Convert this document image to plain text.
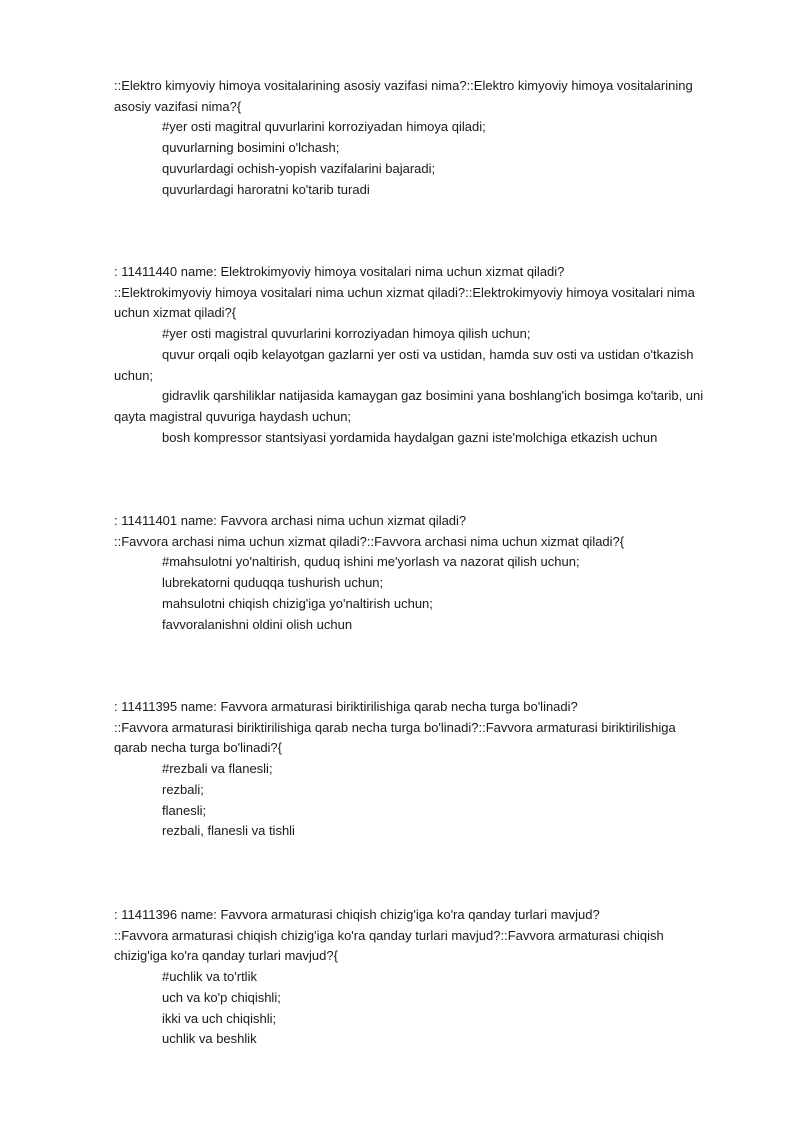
::Elektro kimyoviy himoya vositalarining asosiy vazifasi nima?::Elektro kimyoviy himoya vositalarining

asosiy vazifasi nima?{

#yer osti magitral quvurlarini korroziyadan himoya qiladi;

quvurlarning bosimini o'lchash;

quvurlardagi ochish-yopish vazifalarini bajaradi;

quvurlardagi haroratni ko'tarib turadi

: 11411440 name: Elektrokimyoviy himoya vositalari nima uchun xizmat qiladi?

::Elektrokimyoviy himoya vositalari nima uchun xizmat qiladi?::Elektrokimyoviy himoya vositalari nima

uchun xizmat qiladi?{

#yer osti magistral quvurlarini korroziyadan himoya qilish uchun;

quvur orqali oqib kelayotgan gazlarni yer osti va ustidan, hamda suv osti va ustidan o'tkazish

uchun;

gidravlik qarshiliklar natijasida kamaygan gaz bosimini yana boshlang'ich bosimga ko'tarib, uni

qayta magistral quvuriga haydash uchun;

bosh kompressor stantsiyasi yordamida haydalgan gazni iste'molchiga etkazish uchun

: 11411401 name: Favvora archasi nima uchun xizmat qiladi?

::Favvora archasi nima uchun xizmat qiladi?::Favvora archasi nima uchun xizmat qiladi?{

#mahsulotni yo'naltirish, quduq ishini me'yorlash va nazorat qilish uchun;

lubrekatorni quduqqa tushurish uchun;

mahsulotni chiqish chizig'iga yo'naltirish uchun;

favvoralanishni oldini olish uchun

: 11411395 name: Favvora armaturasi biriktirilishiga qarab necha turga bo'linadi?

::Favvora armaturasi biriktirilishiga qarab necha turga bo'linadi?::Favvora armaturasi biriktirilishiga

qarab necha turga bo'linadi?{

#rezbali va flanesli;

rezbali;

flanesli;

rezbali, flanesli va tishli

: 11411396 name: Favvora armaturasi chiqish chizig'iga ko'ra qanday turlari mavjud?

::Favvora armaturasi chiqish chizig'iga ko'ra qanday turlari mavjud?::Favvora armaturasi chiqish

chizig'iga ko'ra qanday turlari mavjud?{

#uchlik va to'rtlik

uch va ko'p chiqishli;

ikki va uch chiqishli;

uchlik va beshlik
